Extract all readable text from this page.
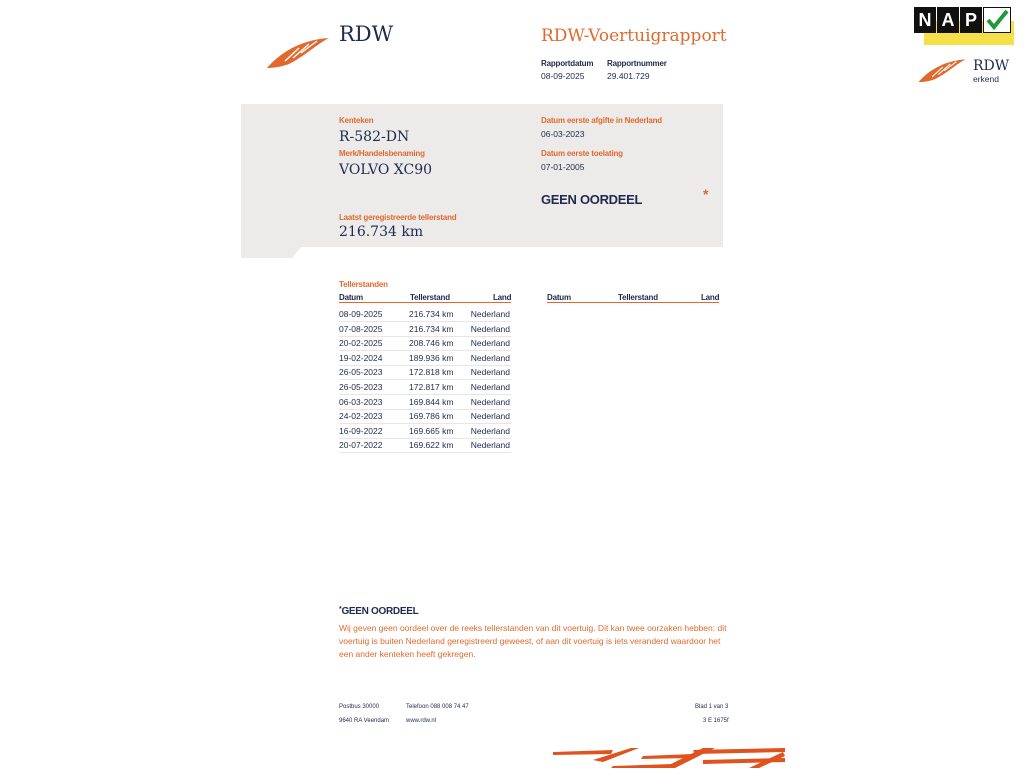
RDW	RDW-Voertuigrapport
Rapportdatum
08-09-2025
Rapportnummer
29.401.729
N A P
RDW
erkend
Kenteken
R-582-DN
Merk/Handelsbenaming
VOLVO XC90
Datum eerste afgifte in Nederland
06-03-2023
Datum eerste toelating
07-01-2005
GEEN OORDEEL	*
Laatst geregistreerde tellerstand
216.734 km
Tellerstanden
Datum	Tellerstand	Land	Datum	Tellerstand	Land
08-09-2025	216.734 km	Nederland
07-08-2025	216.734 km	Nederland
20-02-2025	208.746 km	Nederland
19-02-2024	189.936 km	Nederland
26-05-2023	172.818 km	Nederland
26-05-2023	172.817 km	Nederland
06-03-2023	169.844 km	Nederland
24-02-2023	169.786 km	Nederland
16-09-2022	169.665 km	Nederland
20-07-2022	169.622 km	Nederland
*GEEN OORDEEL
Wij geven geen oordeel over de reeks tellerstanden van dit voertuig. Dit kan twee oorzaken hebben: dit voertuig is buiten Nederland geregistreerd geweest, of aan dit voertuig is iets veranderd waardoor het een ander kenteken heeft gekregen.
Postbus 30000
9640 RA Veendam
Telefoon 088 008 74 47
www.rdw.nl
Blad 1 van 3
3 E 1675f
